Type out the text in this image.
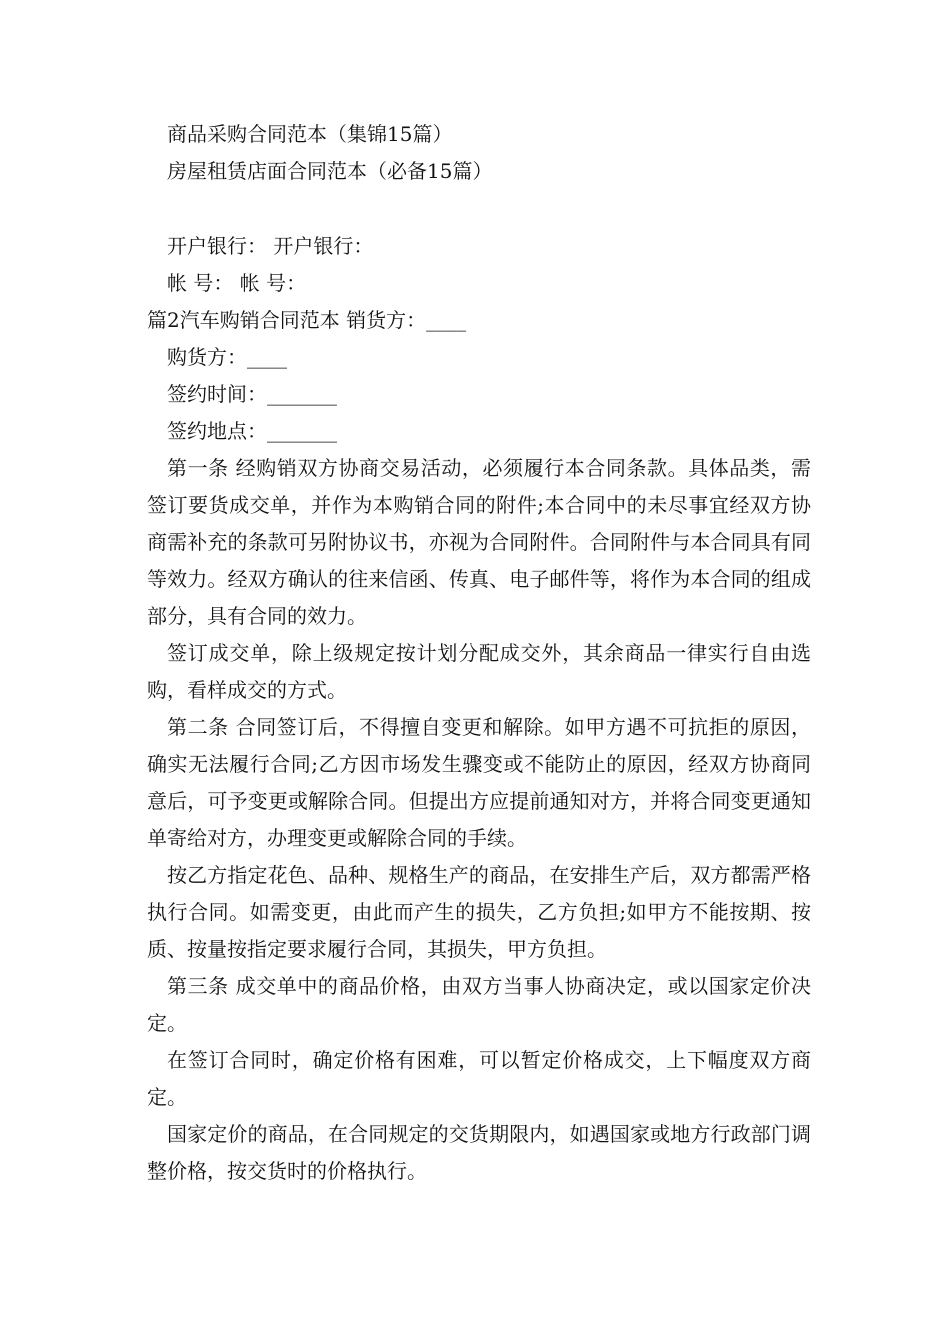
商品采购合同范本（集锦15篇）
房屋租赁店面合同范本（必备15篇）
开户银行： 开户银行：
帐 号： 帐 号：
篇2汽车购销合同范本 销货方：____
购货方：____
签约时间：_______
签约地点：_______

第一条 经购销双方协商交易活动，必须履行本合同条款。具体品类，需签订要货成交单，并作为本购销合同的附件;本合同中的未尽事宜经双方协商需补充的条款可另附协议书，亦视为合同附件。合同附件与本合同具有同等效力。经双方确认的往来信函、传真、电子邮件等，将作为本合同的组成部分，具有合同的效力。

签订成交单，除上级规定按计划分配成交外，其余商品一律实行自由选购，看样成交的方式。

第二条 合同签订后，不得擅自变更和解除。如甲方遇不可抗拒的原因，确实无法履行合同;乙方因市场发生骤变或不能防止的原因，经双方协商同意后，可予变更或解除合同。但提出方应提前通知对方，并将合同变更通知单寄给对方，办理变更或解除合同的手续。

按乙方指定花色、品种、规格生产的商品，在安排生产后，双方都需严格执行合同。如需变更，由此而产生的损失，乙方负担;如甲方不能按期、按质、按量按指定要求履行合同，其损失，甲方负担。

第三条 成交单中的商品价格，由双方当事人协商决定，或以国家定价决定。

在签订合同时，确定价格有困难，可以暂定价格成交，上下幅度双方商定。

国家定价的商品，在合同规定的交货期限内，如遇国家或地方行政部门调整价格，按交货时的价格执行。
